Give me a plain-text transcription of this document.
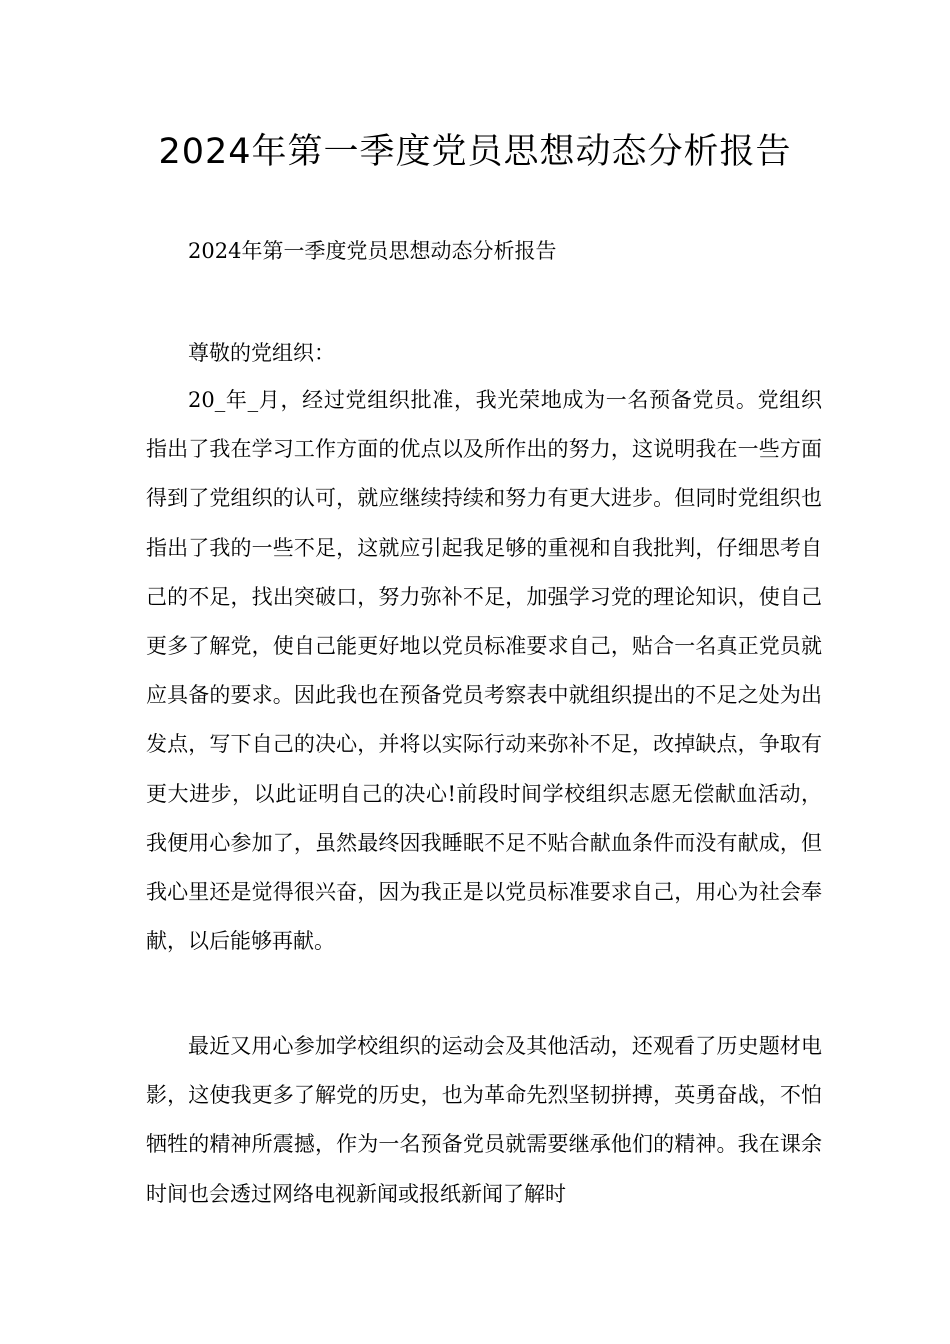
2024年第一季度党员思想动态分析报告

2024年第一季度党员思想动态分析报告

尊敬的党组织：

20_年_月，经过党组织批准，我光荣地成为一名预备党员。党组织指出了我在学习工作方面的优点以及所作出的努力，这说明我在一些方面得到了党组织的认可，就应继续持续和努力有更大进步。但同时党组织也指出了我的一些不足，这就应引起我足够的重视和自我批判，仔细思考自己的不足，找出突破口，努力弥补不足，加强学习党的理论知识，使自己更多了解党，使自己能更好地以党员标准要求自己，贴合一名真正党员就应具备的要求。因此我也在预备党员考察表中就组织提出的不足之处为出发点，写下自己的决心，并将以实际行动来弥补不足，改掉缺点，争取有更大进步，以此证明自己的决心!前段时间学校组织志愿无偿献血活动，我便用心参加了，虽然最终因我睡眠不足不贴合献血条件而没有献成，但我心里还是觉得很兴奋，因为我正是以党员标准要求自己，用心为社会奉献，以后能够再献。

最近又用心参加学校组织的运动会及其他活动，还观看了历史题材电影，这使我更多了解党的历史，也为革命先烈坚韧拼搏，英勇奋战，不怕牺牲的精神所震撼，作为一名预备党员就需要继承他们的精神。我在课余时间也会透过网络电视新闻或报纸新闻了解时
